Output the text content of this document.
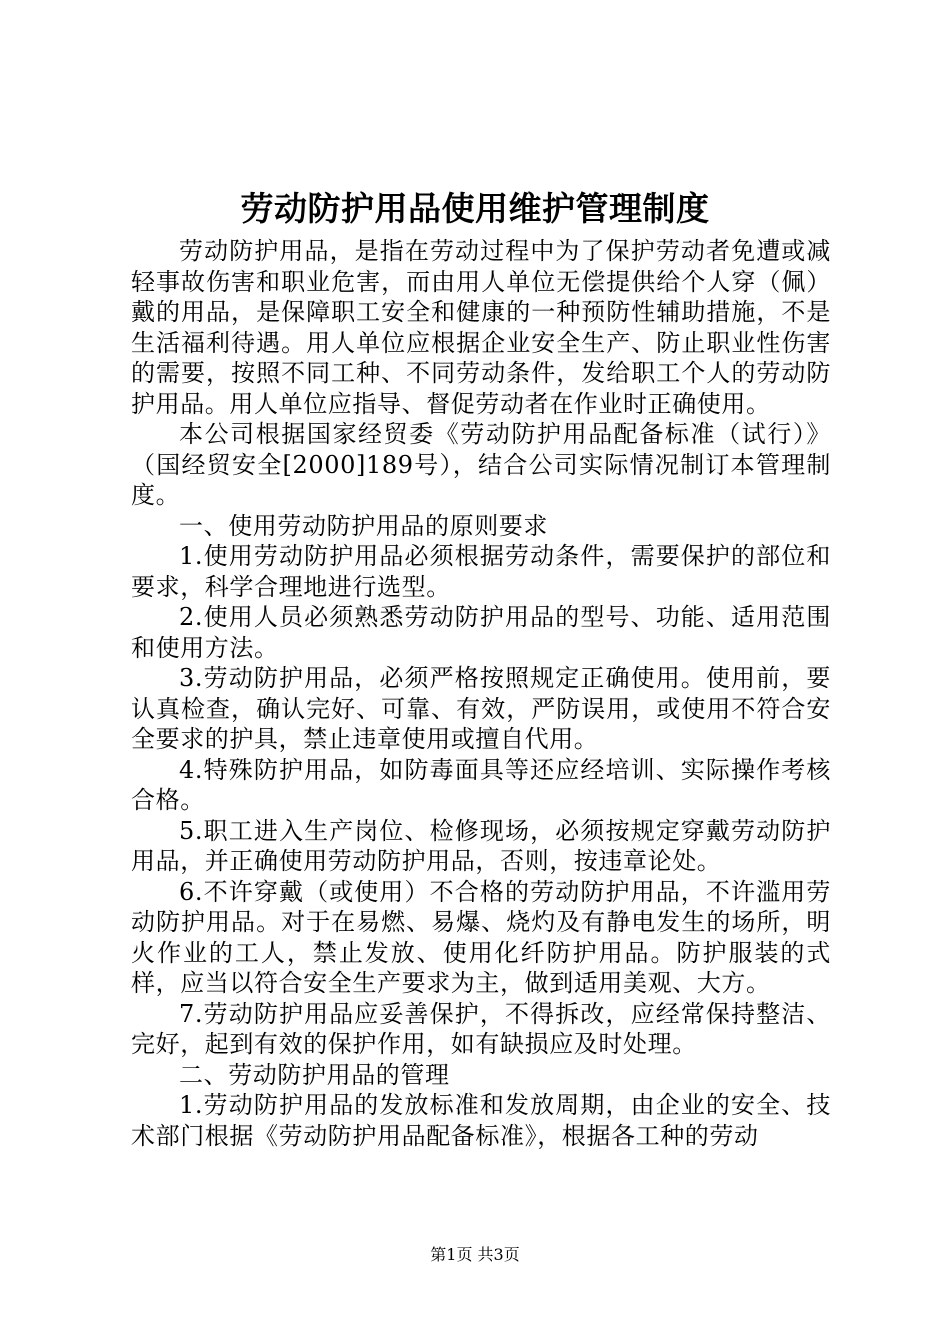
劳动防护用品使用维护管理制度

劳动防护用品，是指在劳动过程中为了保护劳动者免遭或减轻事故伤害和职业危害，而由用人单位无偿提供给个人穿（佩）戴的用品，是保障职工安全和健康的一种预防性辅助措施，不是生活福利待遇。用人单位应根据企业安全生产、防止职业性伤害的需要，按照不同工种、不同劳动条件，发给职工个人的劳动防护用品。用人单位应指导、督促劳动者在作业时正确使用。

本公司根据国家经贸委《劳动防护用品配备标准（试行）》（国经贸安全[2000]189号），结合公司实际情况制订本管理制度。

一、使用劳动防护用品的原则要求

1.使用劳动防护用品必须根据劳动条件，需要保护的部位和要求，科学合理地进行选型。

2.使用人员必须熟悉劳动防护用品的型号、功能、适用范围和使用方法。

3.劳动防护用品，必须严格按照规定正确使用。使用前，要认真检查，确认完好、可靠、有效，严防误用，或使用不符合安全要求的护具，禁止违章使用或擅自代用。

4.特殊防护用品，如防毒面具等还应经培训、实际操作考核合格。

5.职工进入生产岗位、检修现场，必须按规定穿戴劳动防护用品，并正确使用劳动防护用品，否则，按违章论处。

6.不许穿戴（或使用）不合格的劳动防护用品，不许滥用劳动防护用品。对于在易燃、易爆、烧灼及有静电发生的场所，明火作业的工人，禁止发放、使用化纤防护用品。防护服装的式样，应当以符合安全生产要求为主，做到适用美观、大方。

7.劳动防护用品应妥善保护，不得拆改，应经常保持整洁、完好，起到有效的保护作用，如有缺损应及时处理。

二、劳动防护用品的管理

1.劳动防护用品的发放标准和发放周期，由企业的安全、技术部门根据《劳动防护用品配备标准》，根据各工种的劳动

第1页 共3页
